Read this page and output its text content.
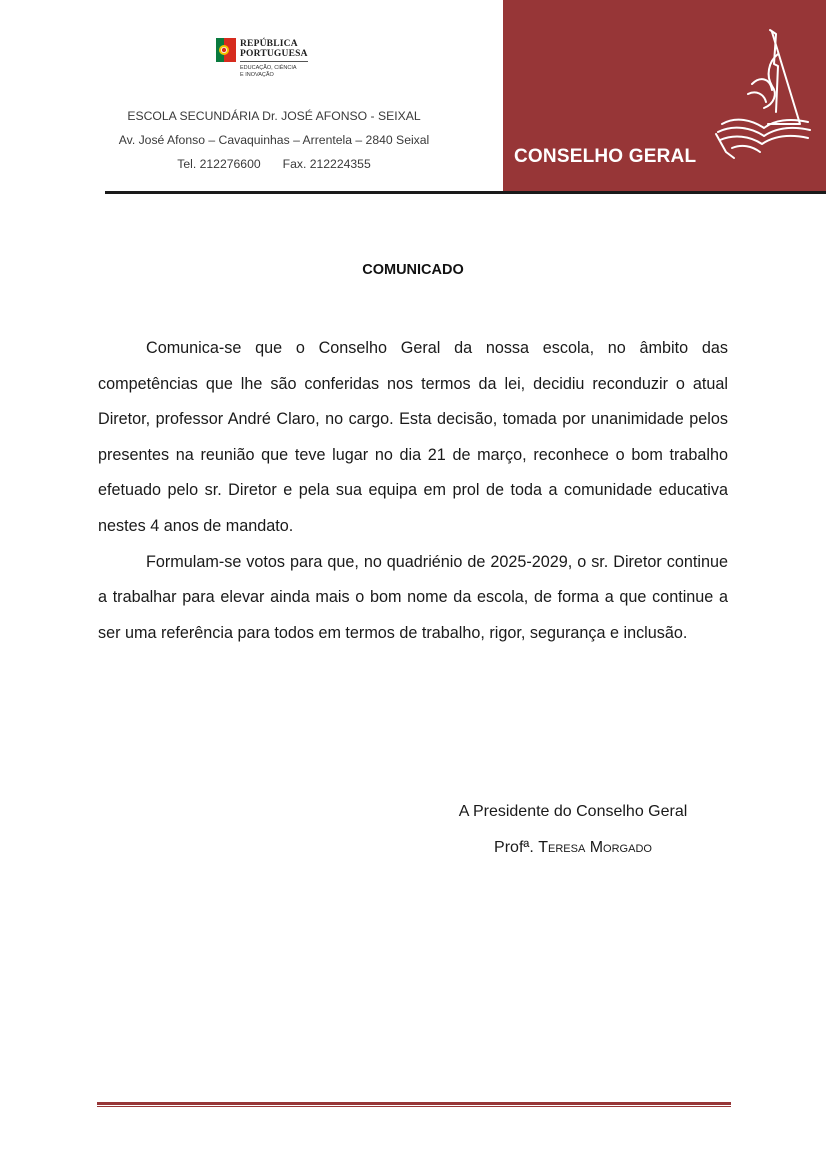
CONSELHO GERAL
REPÚBLICA
PORTUGUESA
EDUCAÇÃO, CIÊNCIA
E INOVAÇÃO
ESCOLA SECUNDÁRIA Dr. JOSÉ AFONSO - SEIXAL
Av. José Afonso – Cavaquinhas – Arrentela – 2840 Seixal
Tel. 212276600 Fax. 212224355
COMUNICADO

Comunica-se que o Conselho Geral da nossa escola, no âmbito das competências que lhe são conferidas nos termos da lei, decidiu reconduzir o atual Diretor, professor André Claro, no cargo. Esta decisão, tomada por unanimidade pelos presentes na reunião que teve lugar no dia 21 de março, reconhece o bom trabalho efetuado pelo sr. Diretor e pela sua equipa em prol de toda a comunidade educativa nestes 4 anos de mandato.

Formulam-se votos para que, no quadriénio de 2025-2029, o sr. Diretor continue a trabalhar para elevar ainda mais o bom nome da escola, de forma a que continue a ser uma referência para todos em termos de trabalho, rigor, segurança e inclusão.

A Presidente do Conselho Geral
Profª. Teresa Morgado
